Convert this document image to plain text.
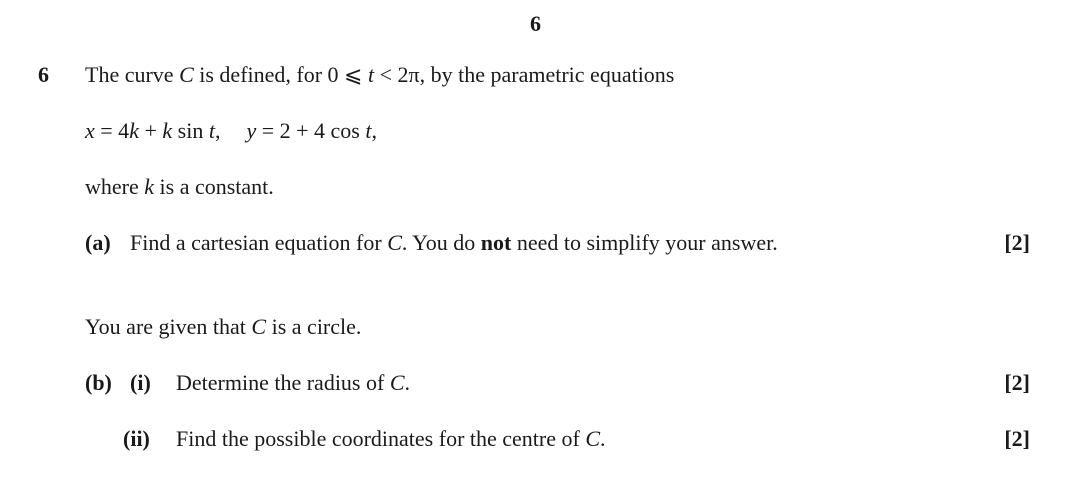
6
6 The curve C is defined, for 0 ⩽ t < 2π, by the parametric equations
x = 4k + k sin t, y = 2 + 4 cos t,
where k is a constant.
(a) Find a cartesian equation for C. You do not need to simplify your answer.	[2]
You are given that C is a circle.
(b) (i) Determine the radius of C.	[2]
(ii) Find the possible coordinates for the centre of C.	[2]
